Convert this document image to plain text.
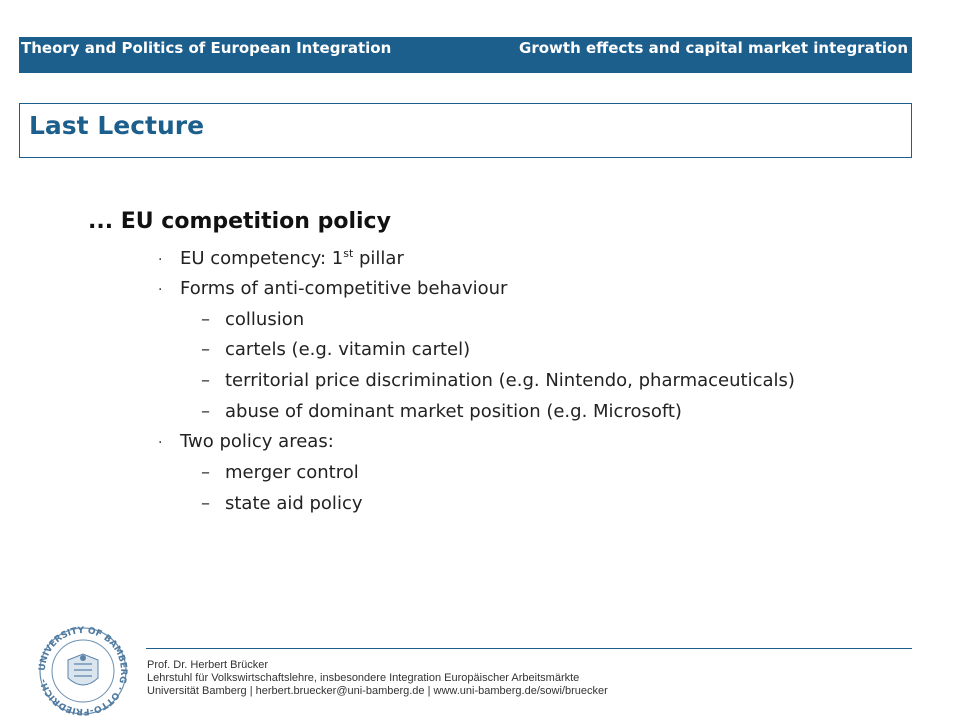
Theory and Politics of European Integration	Growth effects and capital market integration
Last Lecture
... EU competition policy
· EU competency: 1st pillar
· Forms of anti-competitive behaviour
– collusion
– cartels (e.g. vitamin cartel)
– territorial price discrimination (e.g. Nintendo, pharmaceuticals)
– abuse of dominant market position (e.g. Microsoft)
· Two policy areas:
– merger control
– state aid policy
UNIVERSITY OF BAMBERG · OTTO-FRIEDRICH-
Prof. Dr. Herbert Brücker
Lehrstuhl für Volkswirtschaftslehre, insbesondere Integration Europäischer Arbeitsmärkte
Universität Bamberg | herbert.bruecker@uni-bamberg.de | www.uni-bamberg.de/sowi/bruecker
